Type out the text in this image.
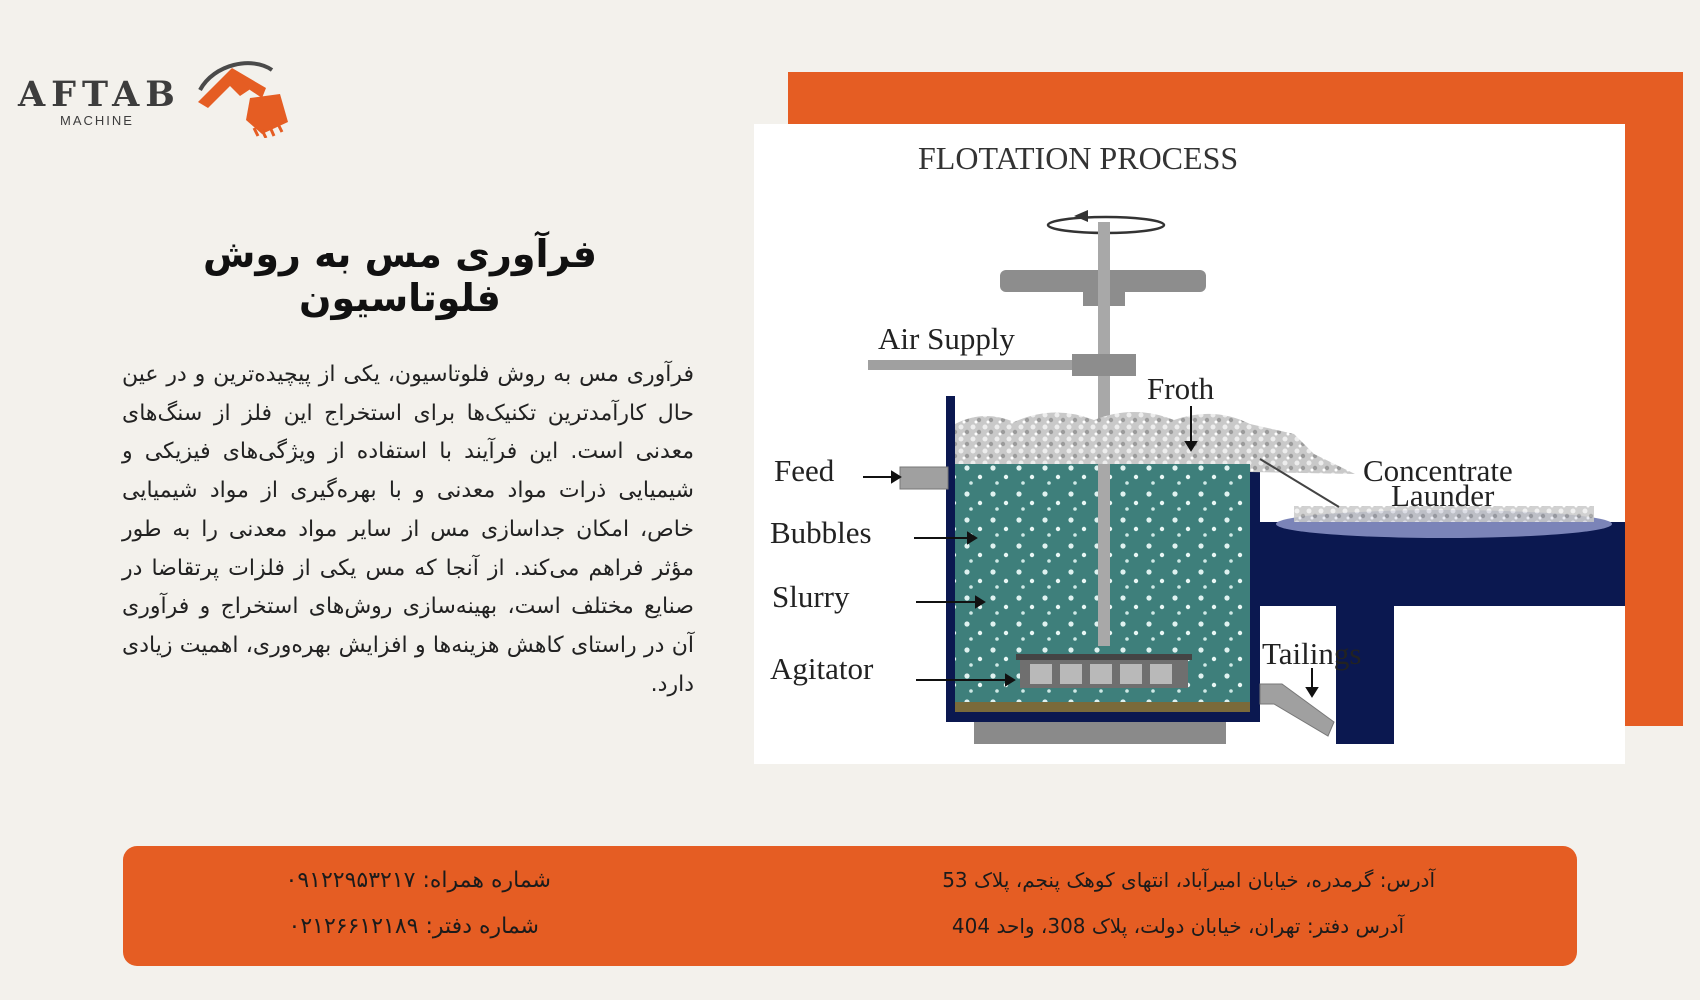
AFTAB
MACHINE
فرآوری مس به روش فلوتاسیون
فرآوری مس به روش فلوتاسیون، یکی از پیچیده‌ترین و در عین حال کارآمدترین تکنیک‌ها برای استخراج این فلز از سنگ‌های معدنی است. این فرآیند با استفاده از ویژگی‌های فیزیکی و شیمیایی ذرات مواد معدنی و با بهره‌گیری از مواد شیمیایی خاص، امکان جداسازی مس از سایر مواد معدنی را به طور مؤثر فراهم می‌کند. از آنجا که مس یکی از فلزات پرتقاضا در صنایع مختلف است، بهینه‌سازی روش‌های استخراج و فرآوری آن در راستای کاهش هزینه‌ها و افزایش بهره‌وری، اهمیت زیادی دارد.
FLOTATION PROCESS
Air Supply
Froth
Feed
Bubbles
Slurry
Agitator
Concentrate
Launder
Tailings
آدرس: گرمدره، خیابان امیرآباد، انتهای کوهک پنجم، پلاک 53
آدرس دفتر: تهران، خیابان دولت، پلاک 308، واحد 404
شماره همراه: ۰۹۱۲۲۹۵۳۲۱۷
شماره دفتر: ۰۲۱۲۶۶۱۲۱۸۹
